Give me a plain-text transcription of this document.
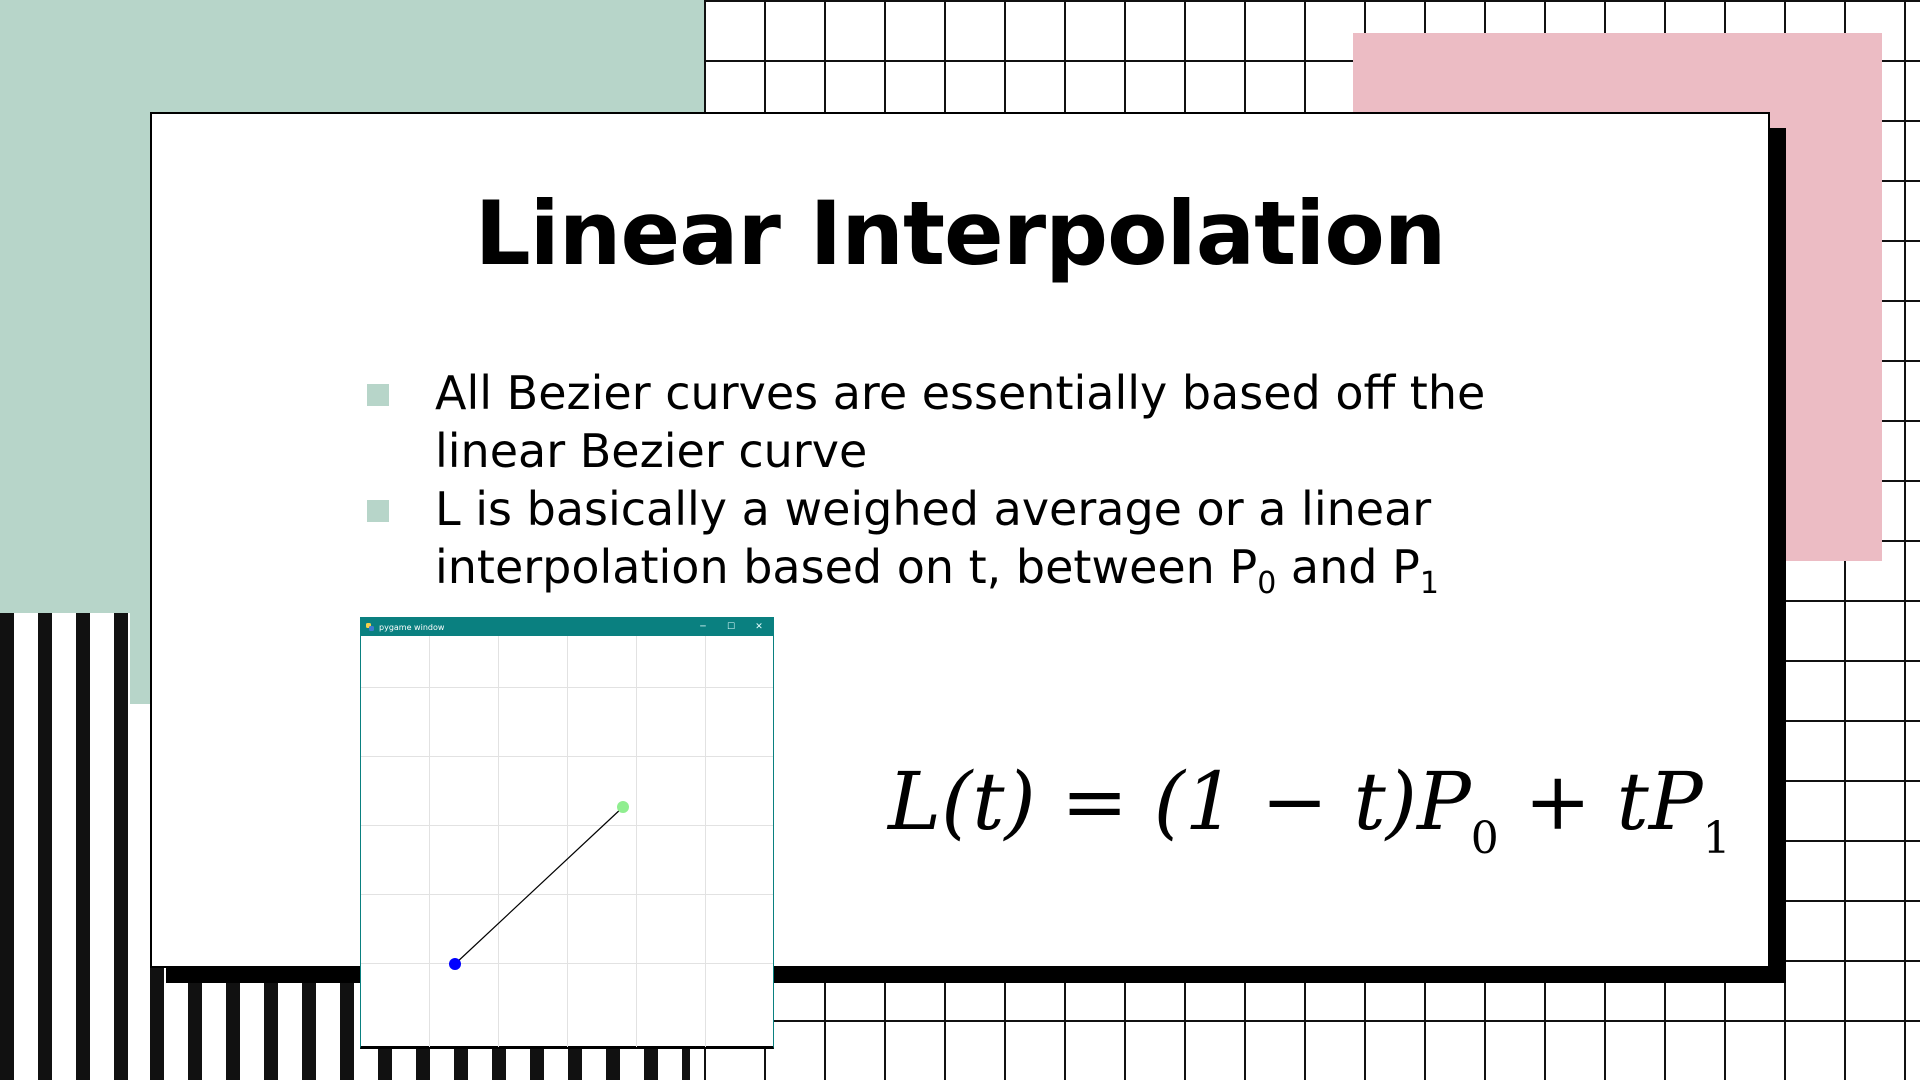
Linear Interpolation
All Bezier curves are essentially based off the linear Bezier curve
L is basically a weighed average or a linear interpolation based on t, between $P_0$ and $P_1$
pygame window	─	☐	✕
$L(t) = (1 - t)P_0 + tP_1$
